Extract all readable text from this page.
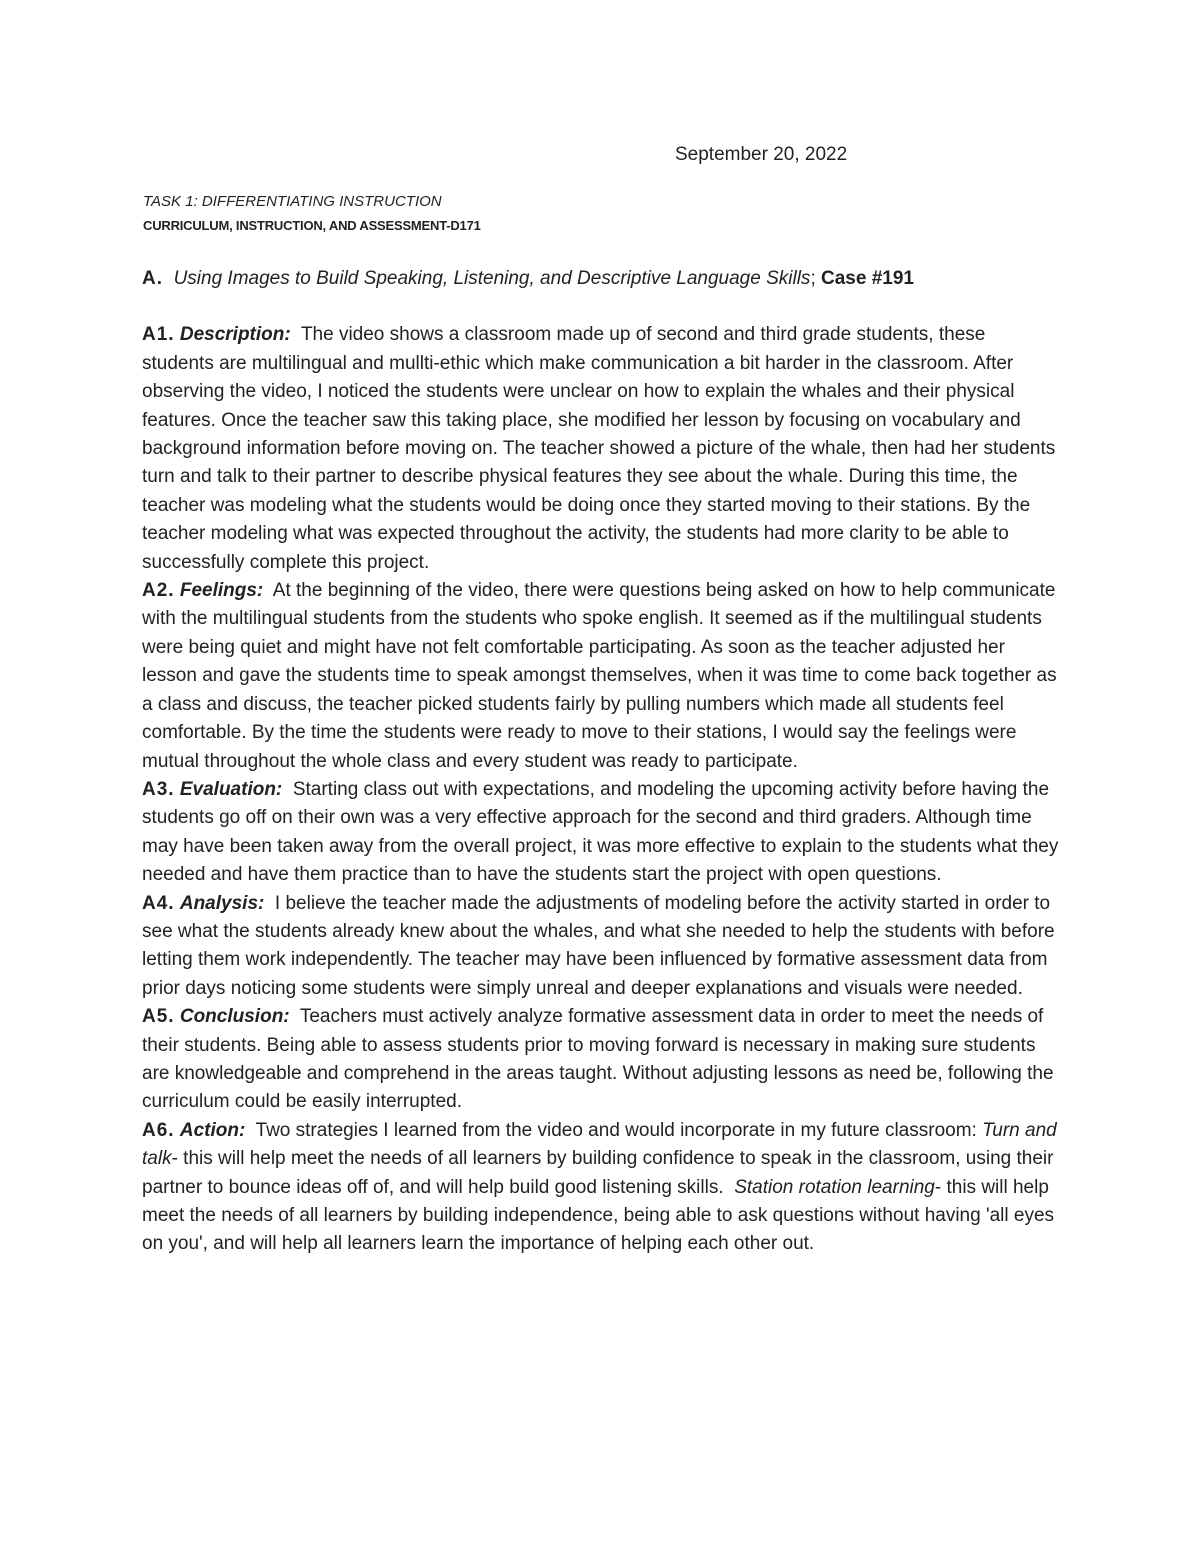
September 20, 2022
TASK 1: DIFFERENTIATING INSTRUCTION
CURRICULUM, INSTRUCTION, AND ASSESSMENT-D171

A. Using Images to Build Speaking, Listening, and Descriptive Language Skills; Case #191

A1. Description: The video shows a classroom made up of second and third grade students, these students are multilingual and mullti-ethic which make communication a bit harder in the classroom. After observing the video, I noticed the students were unclear on how to explain the whales and their physical features. Once the teacher saw this taking place, she modified her lesson by focusing on vocabulary and background information before moving on. The teacher showed a picture of the whale, then had her students turn and talk to their partner to describe physical features they see about the whale. During this time, the teacher was modeling what the students would be doing once they started moving to their stations. By the teacher modeling what was expected throughout the activity, the students had more clarity to be able to successfully complete this project.

A2. Feelings: At the beginning of the video, there were questions being asked on how to help communicate with the multilingual students from the students who spoke english. It seemed as if the multilingual students were being quiet and might have not felt comfortable participating. As soon as the teacher adjusted her lesson and gave the students time to speak amongst themselves, when it was time to come back together as a class and discuss, the teacher picked students fairly by pulling numbers which made all students feel comfortable. By the time the students were ready to move to their stations, I would say the feelings were mutual throughout the whole class and every student was ready to participate.

A3. Evaluation: Starting class out with expectations, and modeling the upcoming activity before having the students go off on their own was a very effective approach for the second and third graders. Although time may have been taken away from the overall project, it was more effective to explain to the students what they needed and have them practice than to have the students start the project with open questions.

A4. Analysis: I believe the teacher made the adjustments of modeling before the activity started in order to see what the students already knew about the whales, and what she needed to help the students with before letting them work independently. The teacher may have been influenced by formative assessment data from prior days noticing some students were simply unreal and deeper explanations and visuals were needed.

A5. Conclusion: Teachers must actively analyze formative assessment data in order to meet the needs of their students. Being able to assess students prior to moving forward is necessary in making sure students are knowledgeable and comprehend in the areas taught. Without adjusting lessons as need be, following the curriculum could be easily interrupted.

A6. Action: Two strategies I learned from the video and would incorporate in my future classroom: Turn and talk- this will help meet the needs of all learners by building confidence to speak in the classroom, using their partner to bounce ideas off of, and will help build good listening skills. Station rotation learning- this will help meet the needs of all learners by building independence, being able to ask questions without having 'all eyes on you', and will help all learners learn the importance of helping each other out.
